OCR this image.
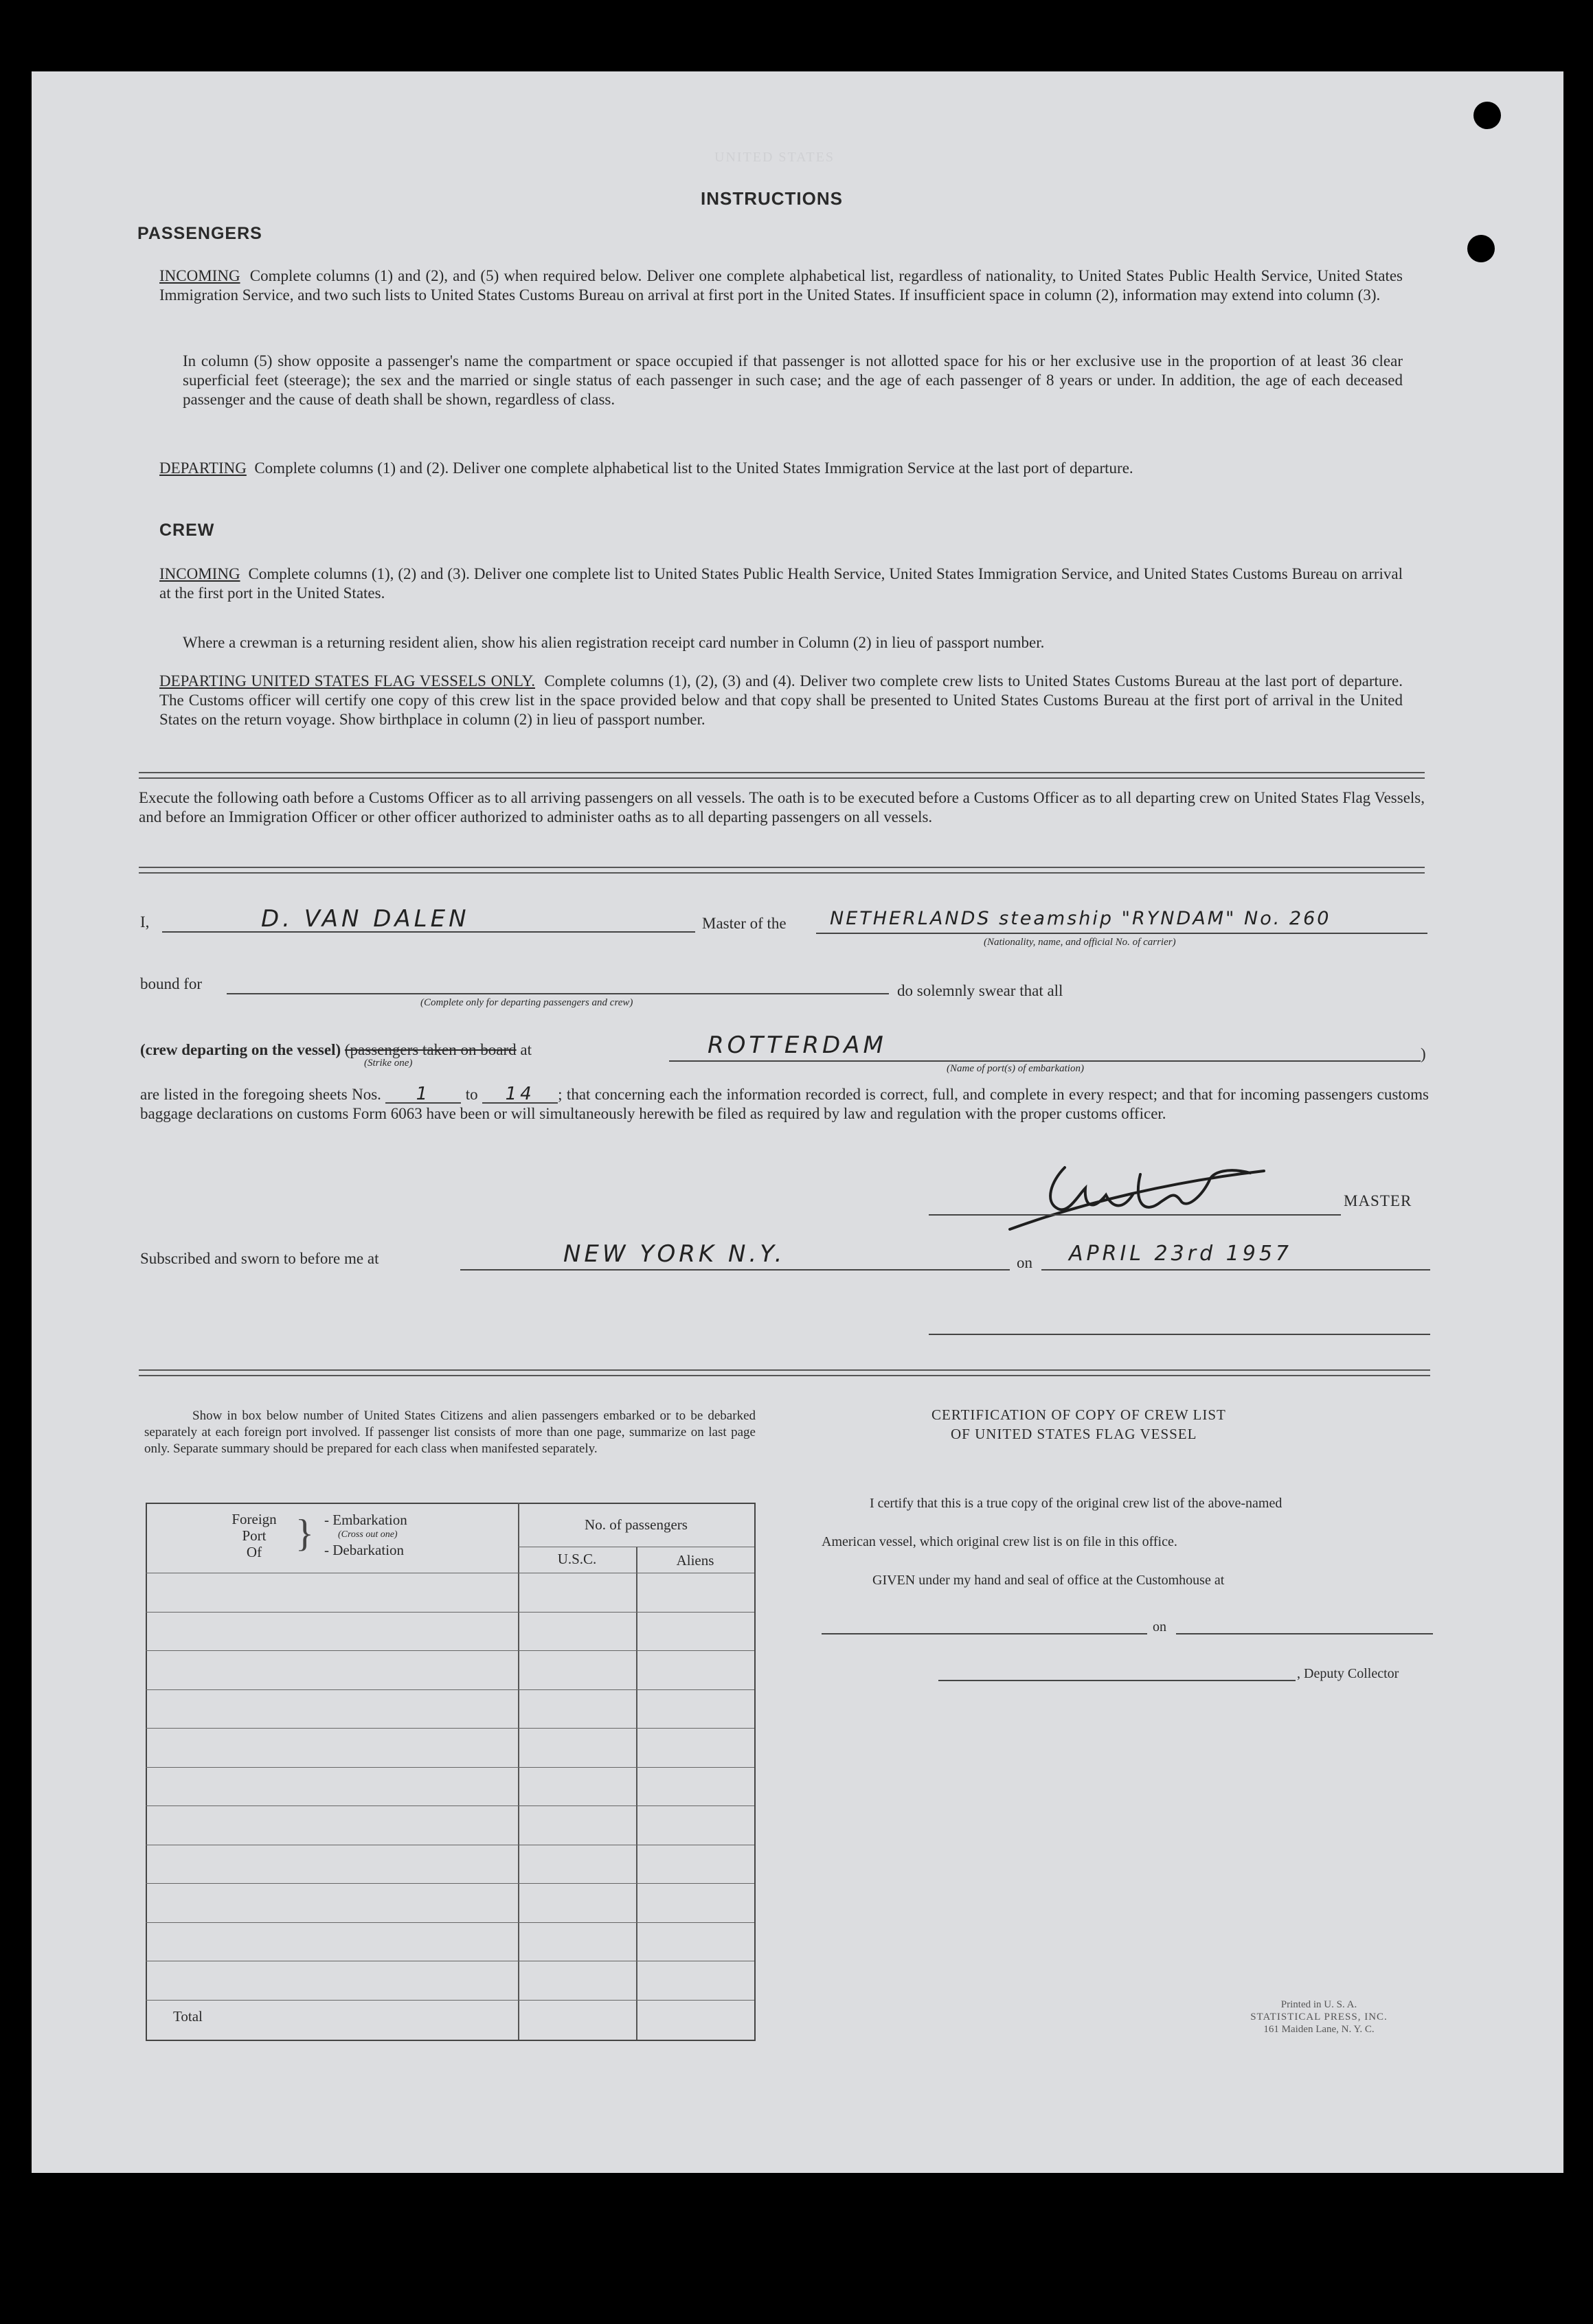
UNITED STATES
INSTRUCTIONS
PASSENGERS
INCOMING Complete columns (1) and (2), and (5) when required below. Deliver one complete alphabetical list, regardless of nationality, to United States Public Health Service, United States Immigration Service, and two such lists to United States Customs Bureau on arrival at first port in the United States. If insufficient space in column (2), information may extend into column (3).
In column (5) show opposite a passenger's name the compartment or space occupied if that passenger is not allotted space for his or her exclusive use in the proportion of at least 36 clear superficial feet (steerage); the sex and the married or single status of each passenger in such case; and the age of each passenger of 8 years or under. In addition, the age of each deceased passenger and the cause of death shall be shown, regardless of class.
DEPARTING Complete columns (1) and (2). Deliver one complete alphabetical list to the United States Immigration Service at the last port of departure.
CREW
INCOMING Complete columns (1), (2) and (3). Deliver one complete list to United States Public Health Service, United States Immigration Service, and United States Customs Bureau on arrival at the first port in the United States.
Where a crewman is a returning resident alien, show his alien registration receipt card number in Column (2) in lieu of passport number.
DEPARTING UNITED STATES FLAG VESSELS ONLY. Complete columns (1), (2), (3) and (4). Deliver two complete crew lists to United States Customs Bureau at the last port of departure. The Customs officer will certify one copy of this crew list in the space provided below and that copy shall be presented to United States Customs Bureau at the first port of arrival in the United States on the return voyage. Show birthplace in column (2) in lieu of passport number.
Execute the following oath before a Customs Officer as to all arriving passengers on all vessels. The oath is to be executed before a Customs Officer as to all departing crew on United States Flag Vessels, and before an Immigration Officer or other officer authorized to administer oaths as to all departing passengers on all vessels.
I,	D. VAN DALEN	Master of the NETHERLANDS steamship "RYNDAM" No. 260
(Nationality, name, and official No. of carrier)
bound for
(Complete only for departing passengers and crew)
do solemnly swear that all
(crew departing on the vessel) (passengers taken on board at
(Strike one)
ROTTERDAM	)
(Name of port(s) of embarkation)
are listed in the foregoing sheets Nos. 1 to 14 ; that concerning each the information recorded is correct, full, and complete in every respect; and that for incoming passengers customs baggage declarations on customs Form 6063 have been or will simultaneously herewith be filed as required by law and regulation with the proper customs officer.
MASTER
Subscribed and sworn to before me at	NEW YORK N.Y.	on APRIL 23rd 1957
Show in box below number of United States Citizens and alien passengers embarked or to be debarked separately at each foreign port involved. If passenger list consists of more than one page, summarize on last page only. Separate summary should be prepared for each class when manifested separately.
Foreign
Port
Of } - Embarkation
(Cross out one)
- Debarkation
No. of passengers
U.S.C.	Aliens
Total
CERTIFICATION OF COPY OF CREW LIST
OF UNITED STATES FLAG VESSEL
I certify that this is a true copy of the original crew list of the above-named
American vessel, which original crew list is on file in this office.
GIVEN under my hand and seal of office at the Customhouse at
on
, Deputy Collector
Printed in U. S. A.
STATISTICAL PRESS, INC.
161 Maiden Lane, N. Y. C.
